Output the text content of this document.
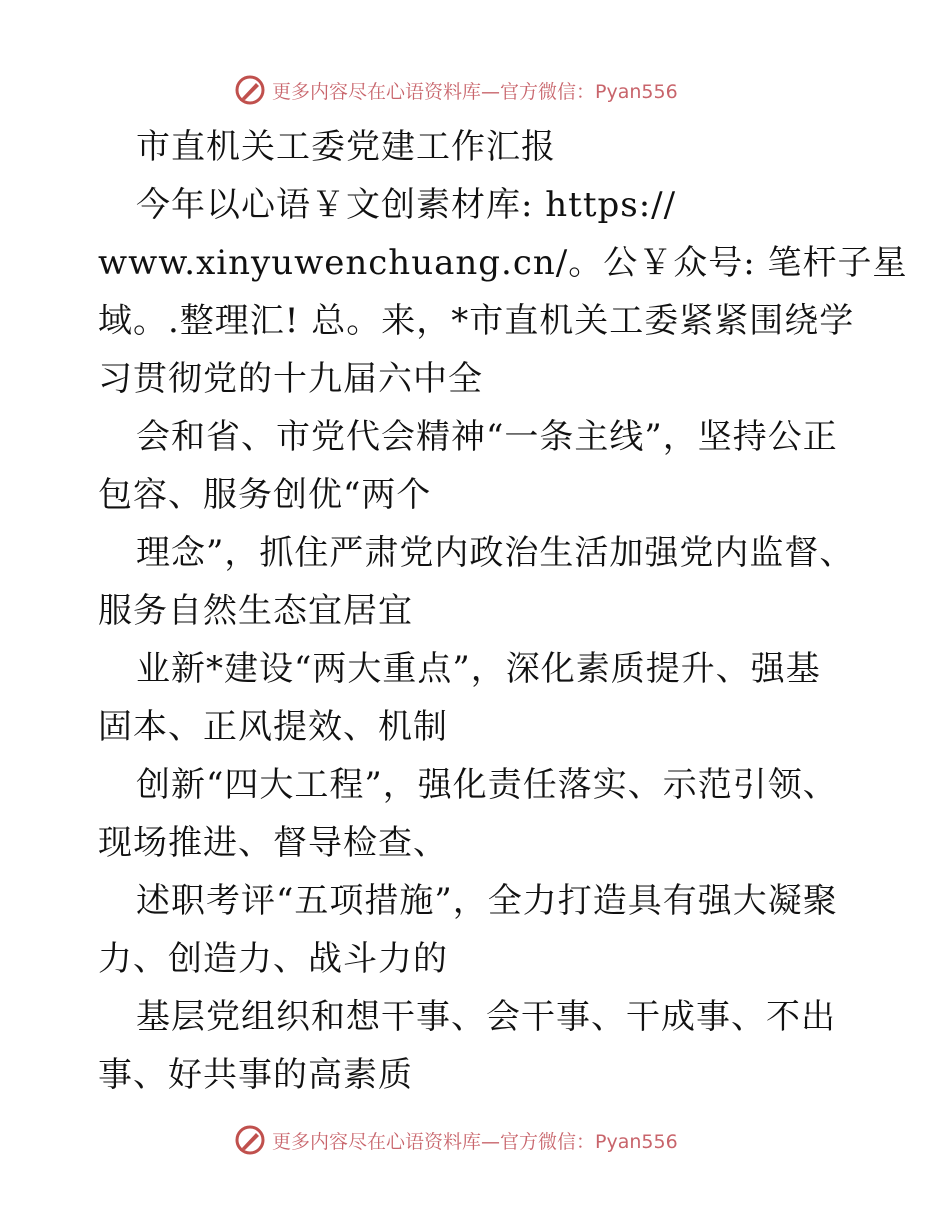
更多内容尽在心语资料库—官方微信：Pyan556
市直机关工委党建工作汇报
今年以心语￥文创素材库: https://
www.xinyuwenchuang.cn/。公￥众号: 笔杆子星
域。.整理汇! 总。来，*市直机关工委紧紧围绕学
习贯彻党的十九届六中全
会和省、市党代会精神“一条主线”，坚持公正
包容、服务创优“两个
理念”，抓住严肃党内政治生活加强党内监督、
服务自然生态宜居宜
业新*建设“两大重点”，深化素质提升、强基
固本、正风提效、机制
创新“四大工程”，强化责任落实、示范引领、
现场推进、督导检查、
述职考评“五项措施”，全力打造具有强大凝聚
力、创造力、战斗力的
基层党组织和想干事、会干事、干成事、不出
事、好共事的高素质
更多内容尽在心语资料库—官方微信：Pyan556
